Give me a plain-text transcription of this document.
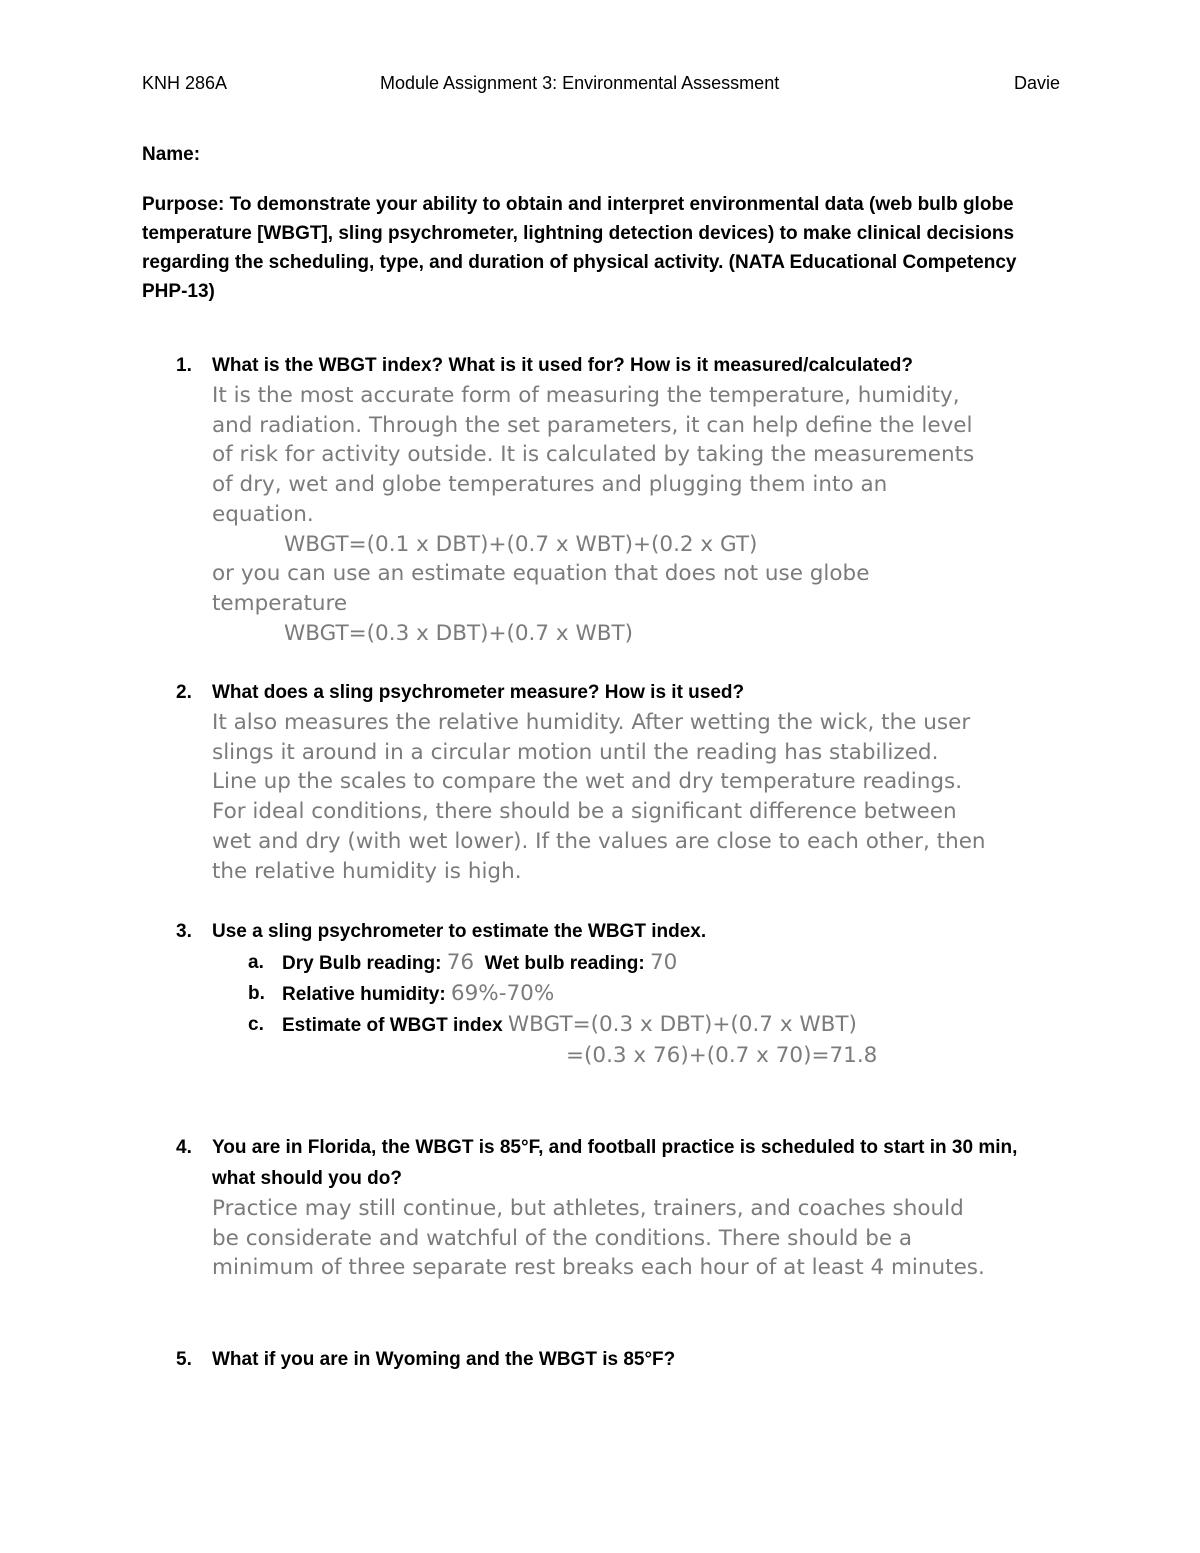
KNH 286A	Module Assignment 3: Environmental Assessment	Davie
Name:
Purpose: To demonstrate your ability to obtain and interpret environmental data (web bulb globe temperature [WBGT], sling psychrometer, lightning detection devices) to make clinical decisions regarding the scheduling, type, and duration of physical activity. (NATA Educational Competency PHP-13)
1. What is the WBGT index? What is it used for? How is it measured/calculated?
It is the most accurate form of measuring the temperature, humidity,
and radiation. Through the set parameters, it can help define the level
of risk for activity outside. It is calculated by taking the measurements
of dry, wet and globe temperatures and plugging them into an
equation.
WBGT=(0.1 x DBT)+(0.7 x WBT)+(0.2 x GT)
or you can use an estimate equation that does not use globe
temperature
WBGT=(0.3 x DBT)+(0.7 x WBT)
2. What does a sling psychrometer measure? How is it used?
It also measures the relative humidity. After wetting the wick, the user
slings it around in a circular motion until the reading has stabilized.
Line up the scales to compare the wet and dry temperature readings.
For ideal conditions, there should be a significant difference between
wet and dry (with wet lower). If the values are close to each other, then
the relative humidity is high.
3. Use a sling psychrometer to estimate the WBGT index.
a. Dry Bulb reading: 76  Wet bulb reading: 70
b. Relative humidity: 69%-70%
c. Estimate of WBGT index WBGT=(0.3 x DBT)+(0.7 x WBT)
=(0.3 x 76)+(0.7 x 70)=71.8
4. You are in Florida, the WBGT is 85°F, and football practice is scheduled to start in 30 min,
what should you do?
Practice may still continue, but athletes, trainers, and coaches should
be considerate and watchful of the conditions. There should be a
minimum of three separate rest breaks each hour of at least 4 minutes.
5. What if you are in Wyoming and the WBGT is 85°F?
